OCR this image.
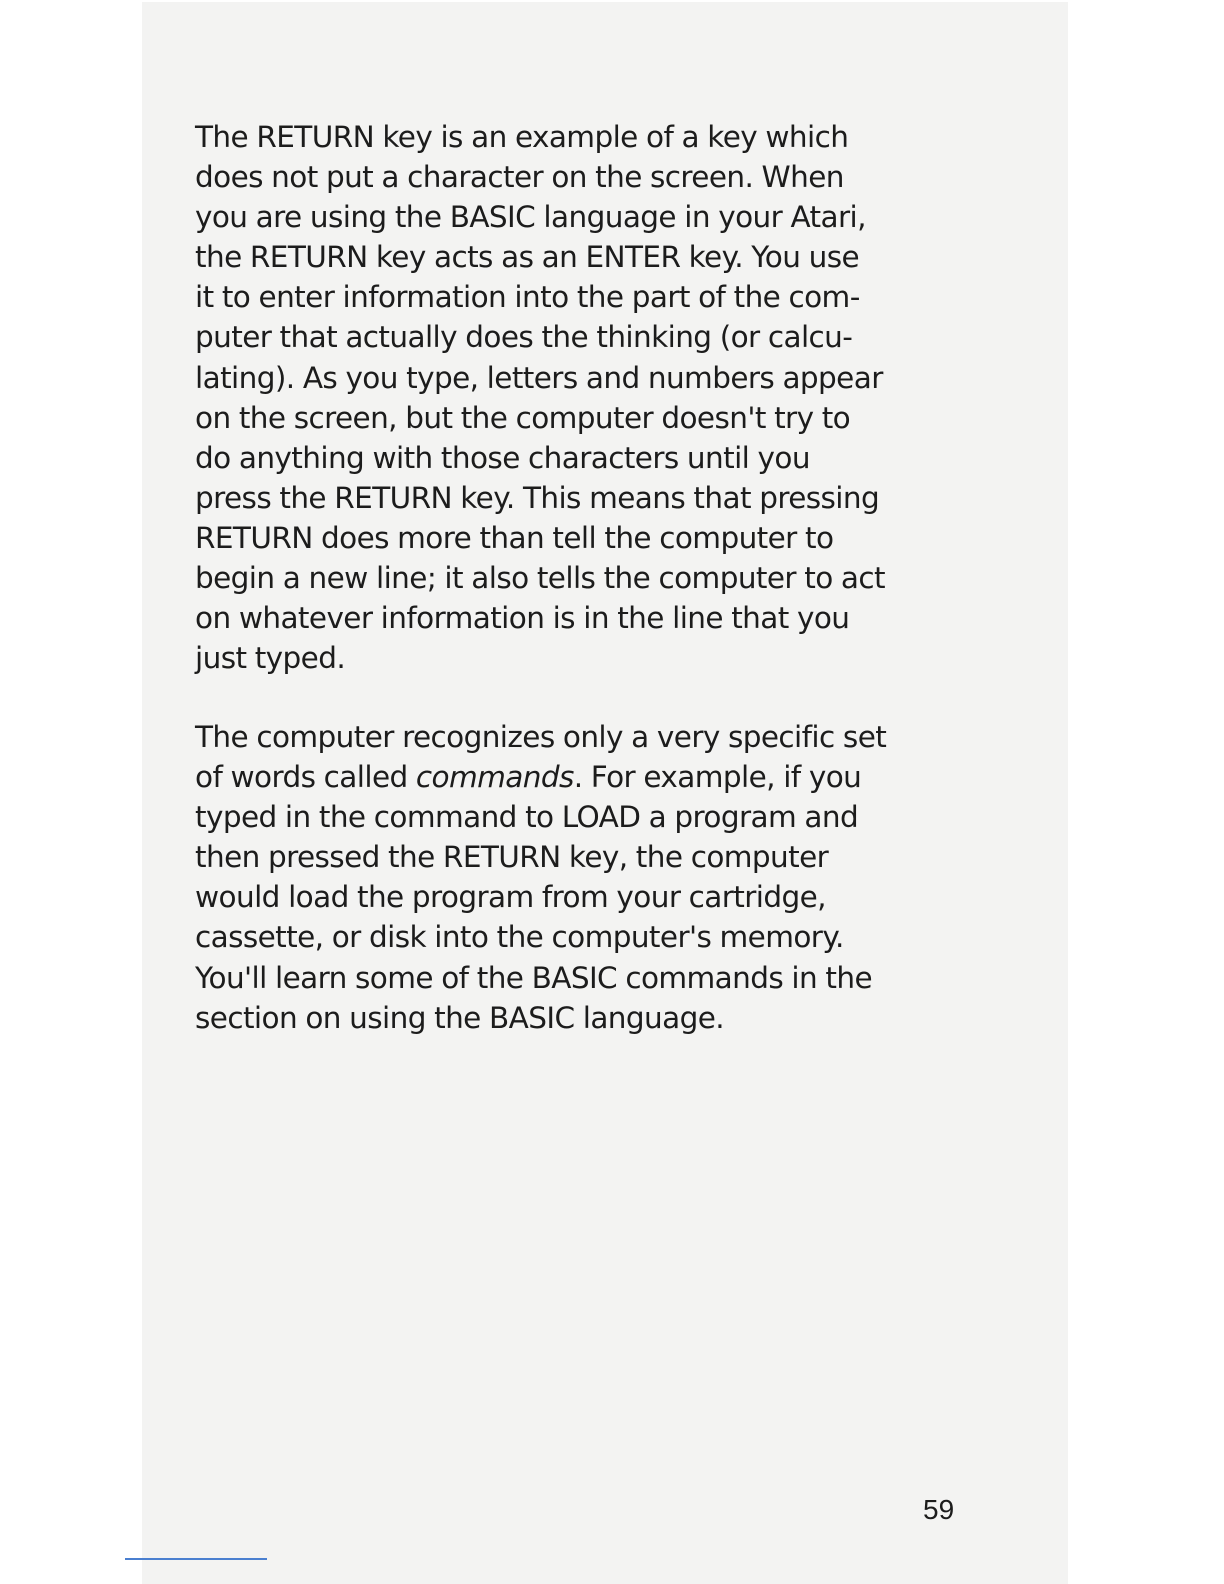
The RETURN key is an example of a key which
does not put a character on the screen. When
you are using the BASIC language in your Atari,
the RETURN key acts as an ENTER key. You use
it to enter information into the part of the com-
puter that actually does the thinking (or calcu-
lating). As you type, letters and numbers appear
on the screen, but the computer doesn't try to
do anything with those characters until you
press the RETURN key. This means that pressing
RETURN does more than tell the computer to
begin a new line; it also tells the computer to act
on whatever information is in the line that you
just typed.
The computer recognizes only a very specific set
of words called commands. For example, if you
typed in the command to LOAD a program and
then pressed the RETURN key, the computer
would load the program from your cartridge,
cassette, or disk into the computer's memory.
You'll learn some of the BASIC commands in the
section on using the BASIC language.
59
